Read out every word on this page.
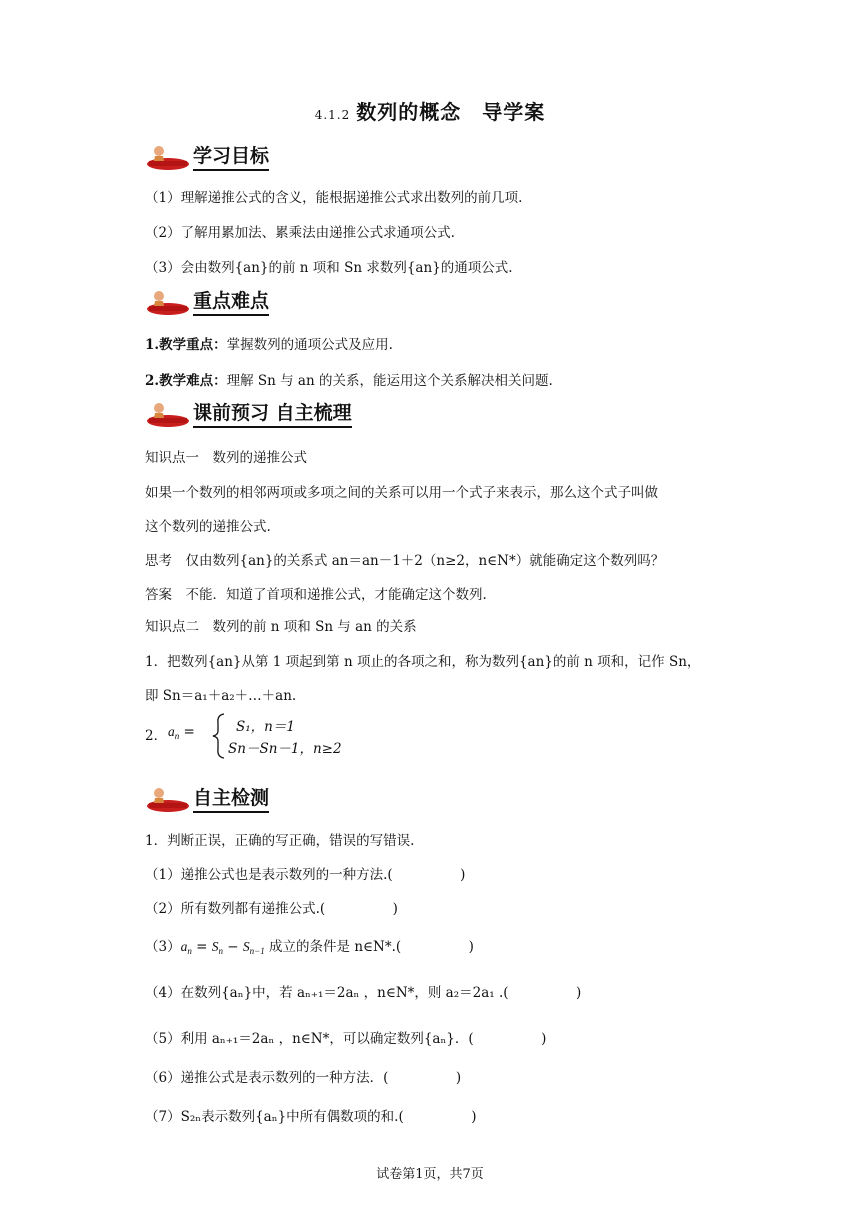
4.1.2 数列的概念　导学案
学习目标
（1）理解递推公式的含义，能根据递推公式求出数列的前几项.
（2）了解用累加法、累乘法由递推公式求通项公式.
（3）会由数列{an}的前 n 项和 Sn 求数列{an}的通项公式.
重点难点
1.教学重点：掌握数列的通项公式及应用.
2.教学难点：理解 Sn 与 an 的关系，能运用这个关系解决相关问题.
课前预习 自主梳理
知识点一　数列的递推公式
如果一个数列的相邻两项或多项之间的关系可以用一个式子来表示，那么这个式子叫做
这个数列的递推公式.
思考　仅由数列{an}的关系式 an＝an－1＋2（n≥2，n∈N*）就能确定这个数列吗？
答案　不能．知道了首项和递推公式，才能确定这个数列.
知识点二　数列的前 n 项和 Sn 与 an 的关系
1．把数列{an}从第 1 项起到第 n 项止的各项之和，称为数列{an}的前 n 项和，记作 Sn，
即 Sn＝a₁＋a₂＋…＋an.
2． $a_n$ =	S₁，n＝1
Sn－Sn－1，n≥2
自主检测
1．判断正误，正确的写正确，错误的写错误.
（1）递推公式也是表示数列的一种方法.(　　　　　)
（2）所有数列都有递推公式.(　　　　　)
$(3)a_n = S_n - S_{n-1}$ 成立的条件是 n∈N*.(　　　　　)
（4）在数列{aₙ}中，若 aₙ₊₁＝2aₙ ，n∈N*，则 a₂＝2a₁ .(　　　　　)
（5）利用 aₙ₊₁＝2aₙ ，n∈N*，可以确定数列{aₙ}．(　　　　　)
（6）递推公式是表示数列的一种方法．(　　　　　)
（7）S₂ₙ表示数列{aₙ}中所有偶数项的和.(　　　　　)
试卷第1页，共7页
